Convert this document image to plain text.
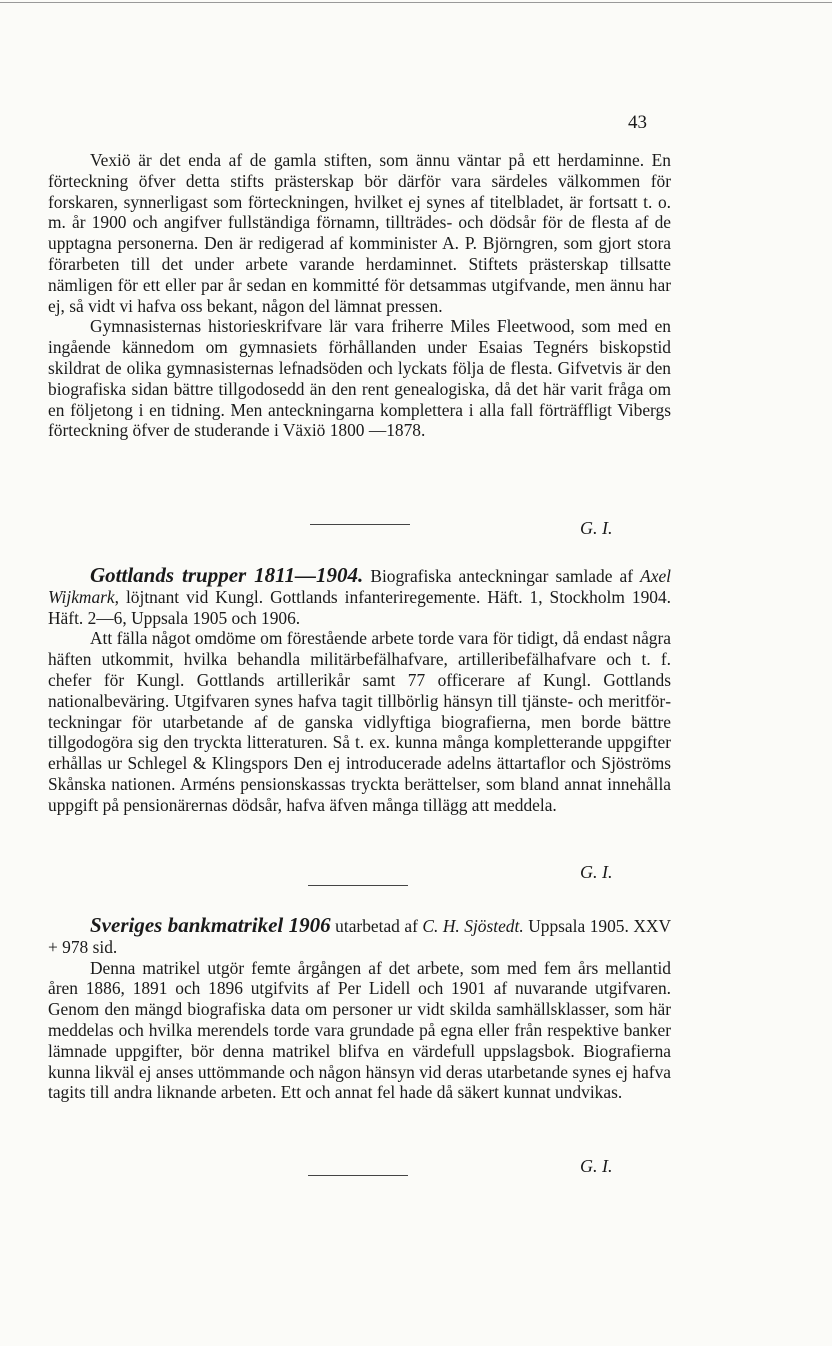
43

Vexiö är det enda af de gamla stiften, som ännu väntar på ett herdaminne. En förteckning öfver detta stifts prästerskap bör därför vara särdeles välkommen för forskaren, synnerligast som förteckningen, hvilket ej synes af titelbladet, är fortsatt t. o. m. år 1900 och angifver fullständiga förnamn, tillträdes- och dödsår för de flesta af de upptagna personerna. Den är redigerad af komminister A. P. Björngren, som gjort stora förarbeten till det under arbete varande herdaminnet. Stiftets prästerskap tillsatte nämligen för ett eller par år sedan en kommitté för detsammas utgifvande, men ännu har ej, så vidt vi hafva oss bekant, någon del lämnat pressen.

Gymnasisternas historieskrifvare lär vara friherre Miles Fleetwood, som med en ingående kännedom om gymnasiets förhållanden under Esaias Tegnérs biskopstid skildrat de olika gymnasisternas lefnadsöden och lyckats följa de flesta. Gifvetvis är den biografiska sidan bättre tillgodosedd än den rent genealogiska, då det här varit fråga om en följetong i en tidning. Men anteckningarna komplettera i alla fall förträffligt Vibergs förteckning öfver de studerande i Växiö 1800 —1878.

G. I.

Gottlands trupper 1811—1904. Biografiska anteckningar samlade af Axel Wijkmark, löjtnant vid Kungl. Gottlands infanteriregemente. Häft. 1, Stockholm 1904. Häft. 2—6, Uppsala 1905 och 1906.

Att fälla något omdöme om förestående arbete torde vara för tidigt, då endast några häften utkommit, hvilka behandla militärbefälhafvare, artilleribefälhafvare och t. f. chefer för Kungl. Gottlands artillerikår samt 77 officerare af Kungl. Gottlands nationalbeväring. Utgifvaren synes hafva tagit tillbörlig hänsyn till tjänste- och meritförteckningar för utarbetande af de ganska vidlyftiga biografierna, men borde bättre tillgodogöra sig den tryckta litteraturen. Så t. ex. kunna många kompletterande uppgifter erhållas ur Schlegel & Klingspors Den ej introducerade adelns ättartaflor och Sjöströms Skånska nationen. Arméns pensionskassas tryckta berättelser, som bland annat innehålla uppgift på pensionärernas dödsår, hafva äfven många tillägg att meddela.

G. I.

Sveriges bankmatrikel 1906 utarbetad af C. H. Sjöstedt. Uppsala 1905. XXV + 978 sid.

Denna matrikel utgör femte årgången af det arbete, som med fem års mellantid åren 1886, 1891 och 1896 utgifvits af Per Lidell och 1901 af nuvarande utgifvaren. Genom den mängd biografiska data om personer ur vidt skilda samhällsklasser, som här meddelas och hvilka merendels torde vara grundade på egna eller från respektive banker lämnade uppgifter, bör denna matrikel blifva en värdefull uppslagsbok. Biografierna kunna likväl ej anses uttömmande och någon hänsyn vid deras utarbetande synes ej hafva tagits till andra liknande arbeten. Ett och annat fel hade då säkert kunnat undvikas.

G. I.
